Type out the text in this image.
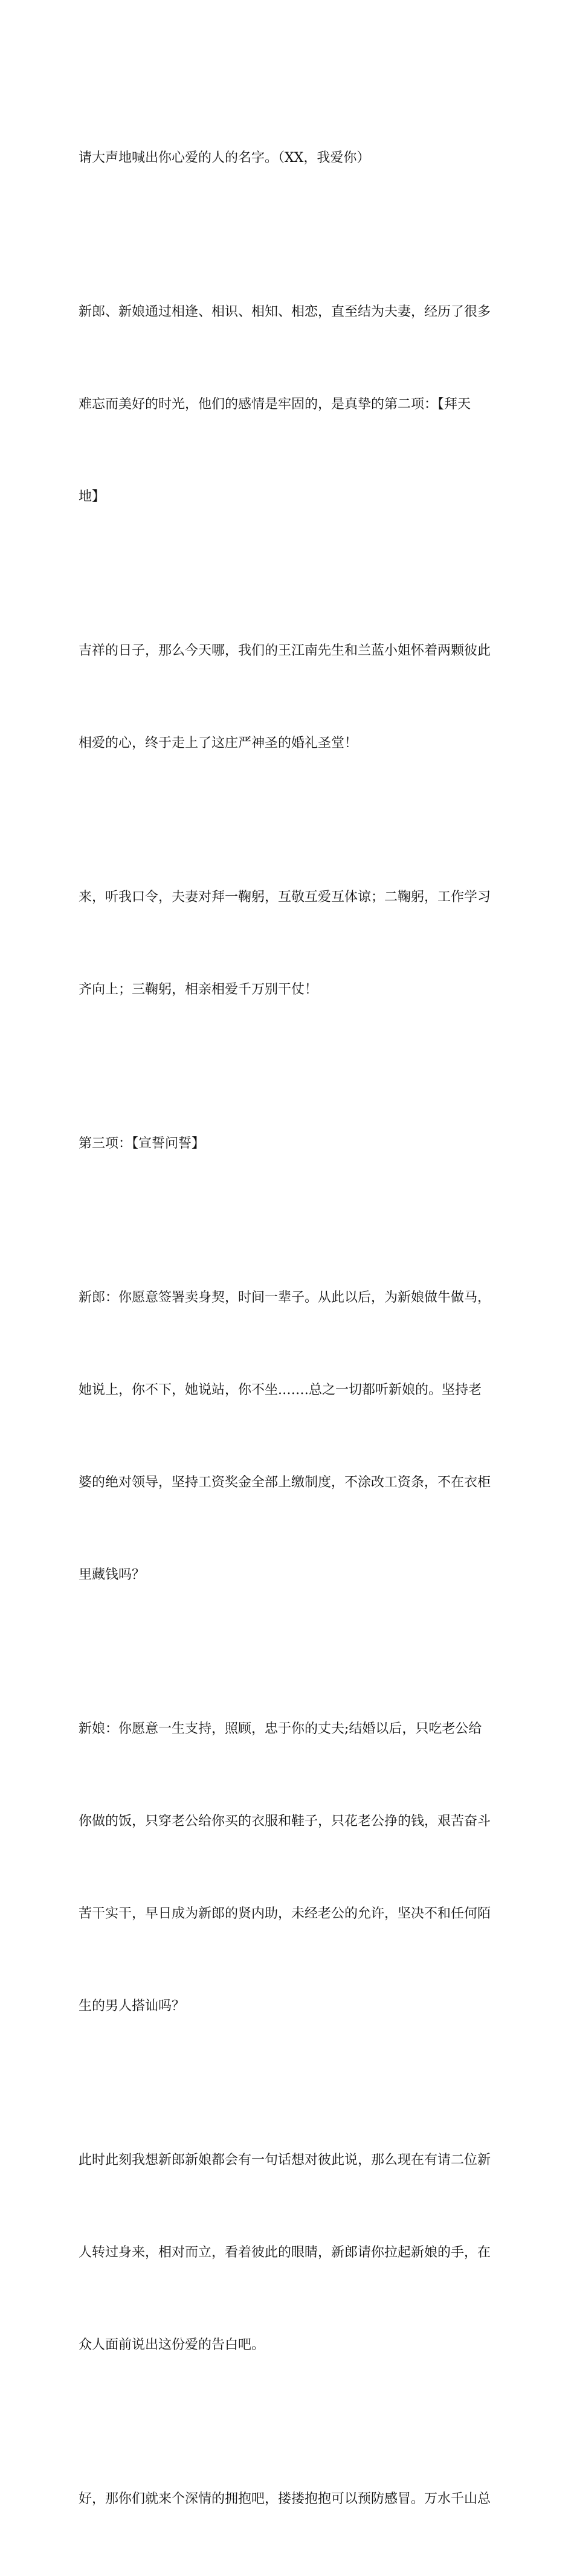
请大声地喊出你心爱的人的名字。（XX，我爱你）

新郎、新娘通过相逢、相识、相知、相恋，直至结为夫妻，经历了很多

难忘而美好的时光，他们的感情是牢固的，是真挚的第二项：【拜天

地】

吉祥的日子，那么今天哪，我们的王江南先生和兰蓝小姐怀着两颗彼此

相爱的心，终于走上了这庄严神圣的婚礼圣堂！

来，听我口令，夫妻对拜一鞠躬，互敬互爱互体谅；二鞠躬，工作学习

齐向上；三鞠躬，相亲相爱千万别干仗！

第三项：【宣誓问誓】

新郎：你愿意签署卖身契，时间一辈子。从此以后，为新娘做牛做马，

她说上，你不下，她说站，你不坐.……总之一切都听新娘的。坚持老

婆的绝对领导，坚持工资奖金全部上缴制度，不涂改工资条，不在衣柜

里藏钱吗？

新娘：你愿意一生支持，照顾，忠于你的丈夫;结婚以后，只吃老公给

你做的饭，只穿老公给你买的衣服和鞋子，只花老公挣的钱，艰苦奋斗

苦干实干，早日成为新郎的贤内助，未经老公的允许，坚决不和任何陌

生的男人搭讪吗？

此时此刻我想新郎新娘都会有一句话想对彼此说，那么现在有请二位新

人转过身来，相对而立，看着彼此的眼睛，新郎请你拉起新娘的手，在

众人面前说出这份爱的告白吧。

好，那你们就来个深情的拥抱吧，搂搂抱抱可以预防感冒。万水千山总
